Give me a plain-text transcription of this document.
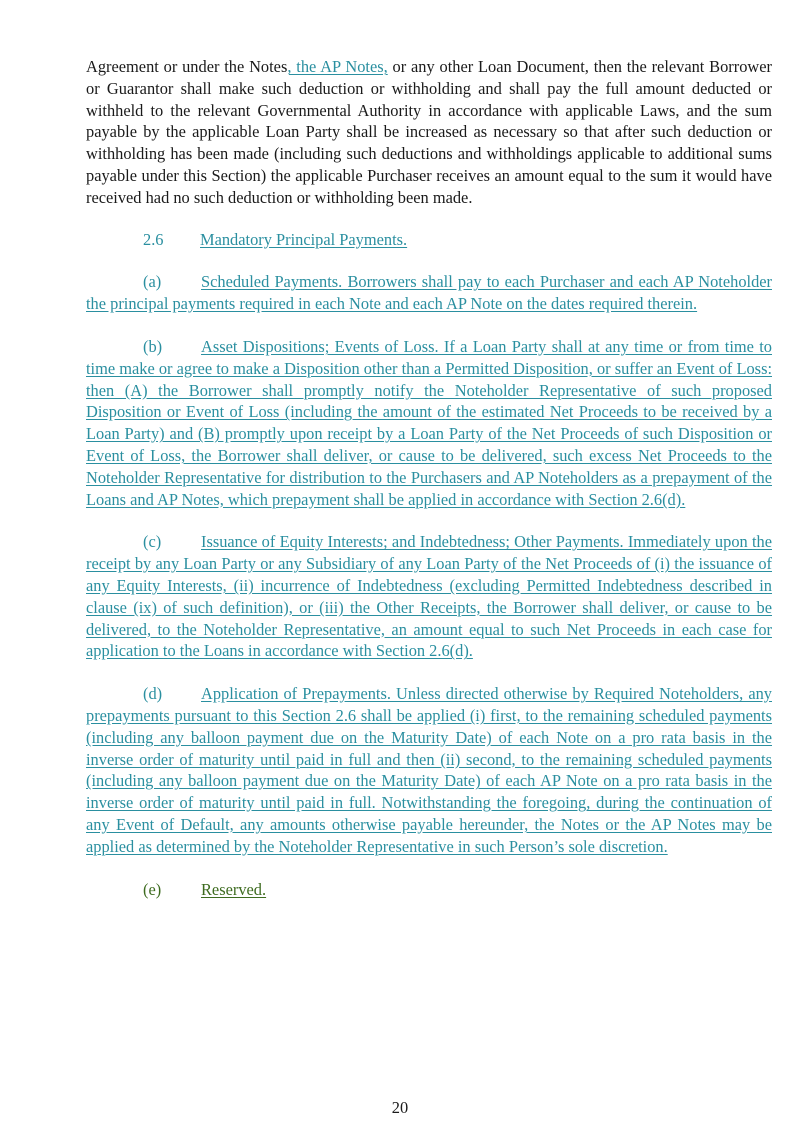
Agreement or under the Notes, the AP Notes, or any other Loan Document, then the relevant Borrower or Guarantor shall make such deduction or withholding and shall pay the full amount deducted or withheld to the relevant Governmental Authority in accordance with applicable Laws, and the sum payable by the applicable Loan Party shall be increased as necessary so that after such deduction or withholding has been made (including such deductions and withholdings applicable to additional sums payable under this Section) the applicable Purchaser receives an amount equal to the sum it would have received had no such deduction or withholding been made.

2.6 Mandatory Principal Payments.

(a) Scheduled Payments. Borrowers shall pay to each Purchaser and each AP Noteholder the principal payments required in each Note and each AP Note on the dates required therein.

(b) Asset Dispositions; Events of Loss. If a Loan Party shall at any time or from time to time make or agree to make a Disposition other than a Permitted Disposition, or suffer an Event of Loss: then (A) the Borrower shall promptly notify the Noteholder Representative of such proposed Disposition or Event of Loss (including the amount of the estimated Net Proceeds to be received by a Loan Party) and (B) promptly upon receipt by a Loan Party of the Net Proceeds of such Disposition or Event of Loss, the Borrower shall deliver, or cause to be delivered, such excess Net Proceeds to the Noteholder Representative for distribution to the Purchasers and AP Noteholders as a prepayment of the Loans and AP Notes, which prepayment shall be applied in accordance with Section 2.6(d).

(c) Issuance of Equity Interests; and Indebtedness; Other Payments. Immediately upon the receipt by any Loan Party or any Subsidiary of any Loan Party of the Net Proceeds of (i) the issuance of any Equity Interests, (ii) incurrence of Indebtedness (excluding Permitted Indebtedness described in clause (ix) of such definition), or (iii) the Other Receipts, the Borrower shall deliver, or cause to be delivered, to the Noteholder Representative, an amount equal to such Net Proceeds in each case for application to the Loans in accordance with Section 2.6(d).

(d) Application of Prepayments. Unless directed otherwise by Required Noteholders, any prepayments pursuant to this Section 2.6 shall be applied (i) first, to the remaining scheduled payments (including any balloon payment due on the Maturity Date) of each Note on a pro rata basis in the inverse order of maturity until paid in full and then (ii) second, to the remaining scheduled payments (including any balloon payment due on the Maturity Date) of each AP Note on a pro rata basis in the inverse order of maturity until paid in full. Notwithstanding the foregoing, during the continuation of any Event of Default, any amounts otherwise payable hereunder, the Notes or the AP Notes may be applied as determined by the Noteholder Representative in such Person’s sole discretion.

(e) Reserved.
20
